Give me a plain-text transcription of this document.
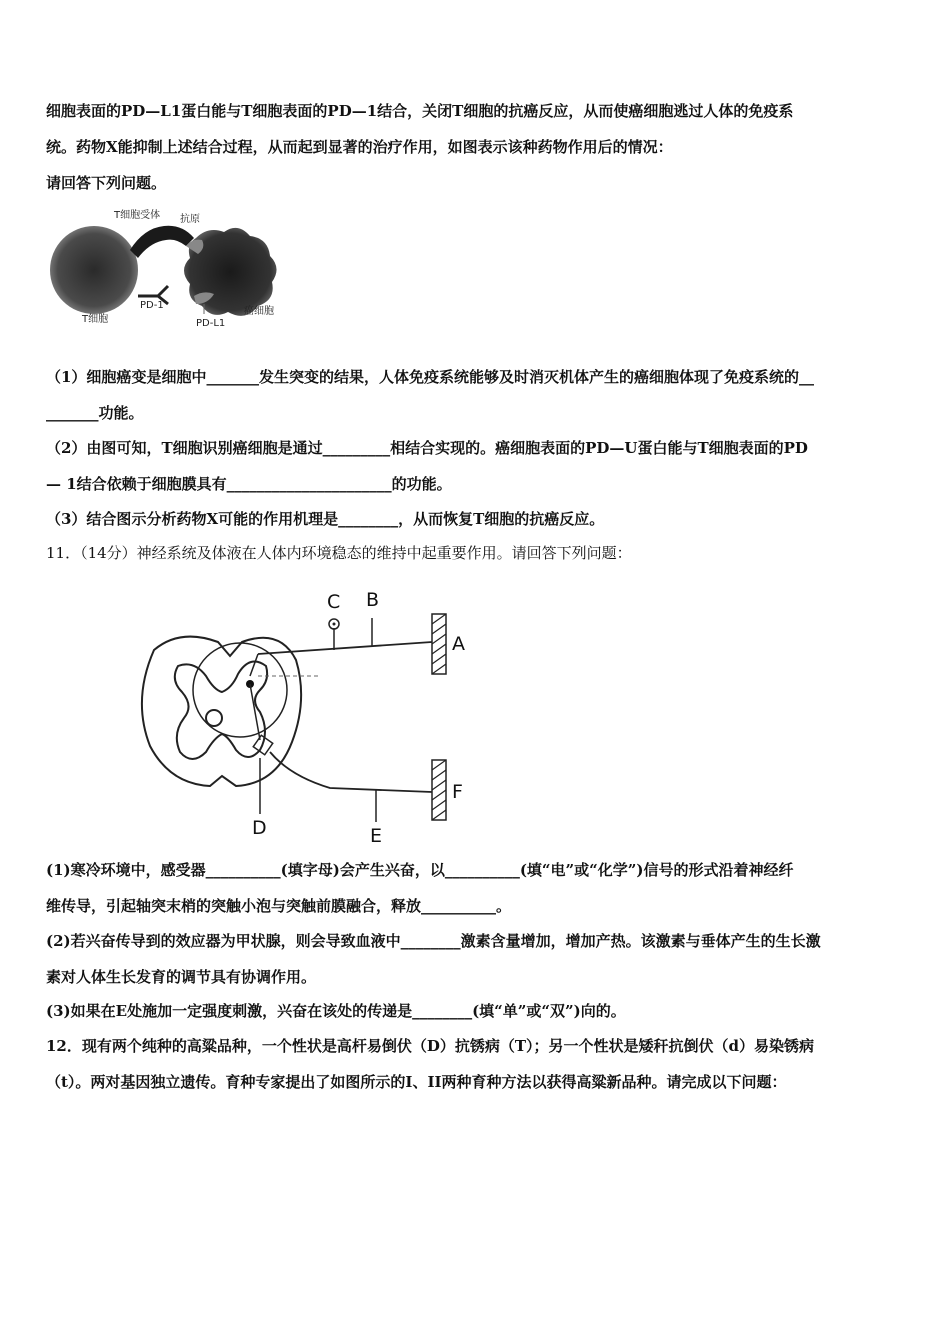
细胞表面的PD—L1蛋白能与T细胞表面的PD—1结合，关闭T细胞的抗癌反应，从而使癌细胞逃过人体的免疫系
统。药物X能抑制上述结合过程，从而起到显著的治疗作用，如图表示该种药物作用后的情况：
请回答下列问题。
T细胞受体 抗原
T细胞
PD-1
PD-L1
癌细胞
（1）细胞癌变是细胞中_______发生突变的结果，人体免疫系统能够及时消灭机体产生的癌细胞体现了免疫系统的__
_______功能。
（2）由图可知，T细胞识别癌细胞是通过_________相结合实现的。癌细胞表面的PD—U蛋白能与T细胞表面的PD
— 1结合依赖于细胞膜具有______________________的功能。
（3）结合图示分析药物X可能的作用机理是________，从而恢复T细胞的抗癌反应。
11．（14分）神经系统及体液在人体内环境稳态的维持中起重要作用。请回答下列问题：
C B
A
F
D	E
(1)寒冷环境中，感受器__________(填字母)会产生兴奋，以__________(填“电”或“化学”)信号的形式沿着神经纤
维传导，引起轴突末梢的突触小泡与突触前膜融合，释放__________。
(2)若兴奋传导到的效应器为甲状腺，则会导致血液中________激素含量增加，增加产热。该激素与垂体产生的生长激
素对人体生长发育的调节具有协调作用。
(3)如果在E处施加一定强度刺激，兴奋在该处的传递是________(填“单”或“双”)向的。
12．现有两个纯种的高粱品种，一个性状是高杆易倒伏（D）抗锈病（T）；另一个性状是矮秆抗倒伏（d）易染锈病
（t）。两对基因独立遗传。育种专家提出了如图所示的I、II两种育种方法以获得高粱新品种。请完成以下问题：
